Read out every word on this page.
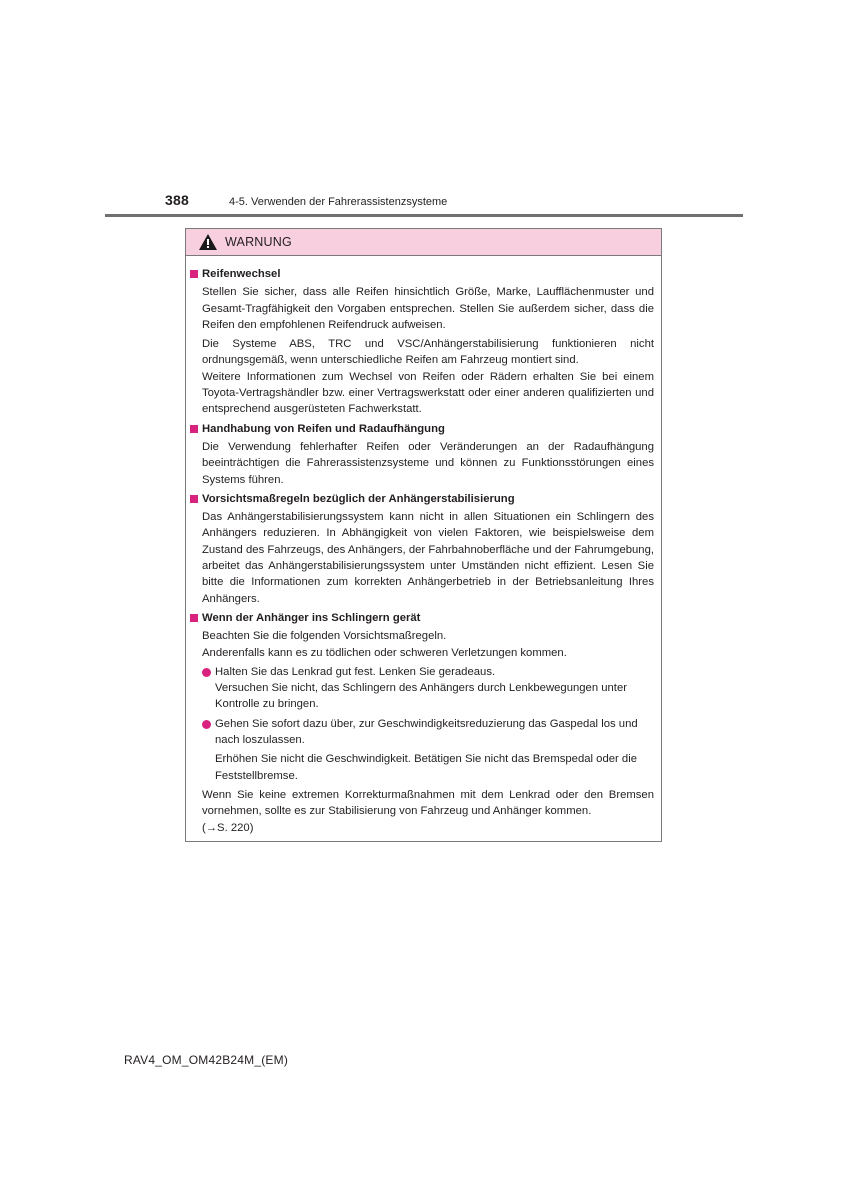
388	4-5. Verwenden der Fahrerassistenzsysteme
WARNUNG
Reifenwechsel
Stellen Sie sicher, dass alle Reifen hinsichtlich Größe, Marke, Laufflächenmuster und Gesamt-Tragfähigkeit den Vorgaben entsprechen. Stellen Sie außerdem sicher, dass die Reifen den empfohlenen Reifendruck aufweisen.
Die Systeme ABS, TRC und VSC/Anhängerstabilisierung funktionieren nicht ordnungsgemäß, wenn unterschiedliche Reifen am Fahrzeug montiert sind.
Weitere Informationen zum Wechsel von Reifen oder Rädern erhalten Sie bei einem Toyota-Vertragshändler bzw. einer Vertragswerkstatt oder einer anderen qualifizierten und entsprechend ausgerüsteten Fachwerkstatt.
Handhabung von Reifen und Radaufhängung
Die Verwendung fehlerhafter Reifen oder Veränderungen an der Radaufhängung beeinträchtigen die Fahrerassistenzsysteme und können zu Funktionsstörungen eines Systems führen.
Vorsichtsmaßregeln bezüglich der Anhängerstabilisierung
Das Anhängerstabilisierungssystem kann nicht in allen Situationen ein Schlingern des Anhängers reduzieren. In Abhängigkeit von vielen Faktoren, wie beispielsweise dem Zustand des Fahrzeugs, des Anhängers, der Fahrbahnoberfläche und der Fahrumgebung, arbeitet das Anhängerstabilisierungssystem unter Umständen nicht effizient. Lesen Sie bitte die Informationen zum korrekten Anhängerbetrieb in der Betriebsanleitung Ihres Anhängers.
Wenn der Anhänger ins Schlingern gerät
Beachten Sie die folgenden Vorsichtsmaßregeln.
Anderenfalls kann es zu tödlichen oder schweren Verletzungen kommen.
Halten Sie das Lenkrad gut fest. Lenken Sie geradeaus.
Versuchen Sie nicht, das Schlingern des Anhängers durch Lenkbewegungen unter Kontrolle zu bringen.
Gehen Sie sofort dazu über, zur Geschwindigkeitsreduzierung das Gaspedal los und nach loszulassen.
Erhöhen Sie nicht die Geschwindigkeit. Betätigen Sie nicht das Bremspedal oder die Feststellbremse.
Wenn Sie keine extremen Korrekturmaßnahmen mit dem Lenkrad oder den Bremsen vornehmen, sollte es zur Stabilisierung von Fahrzeug und Anhänger kommen.
(→S. 220)
RAV4_OM_OM42B24M_(EM)
